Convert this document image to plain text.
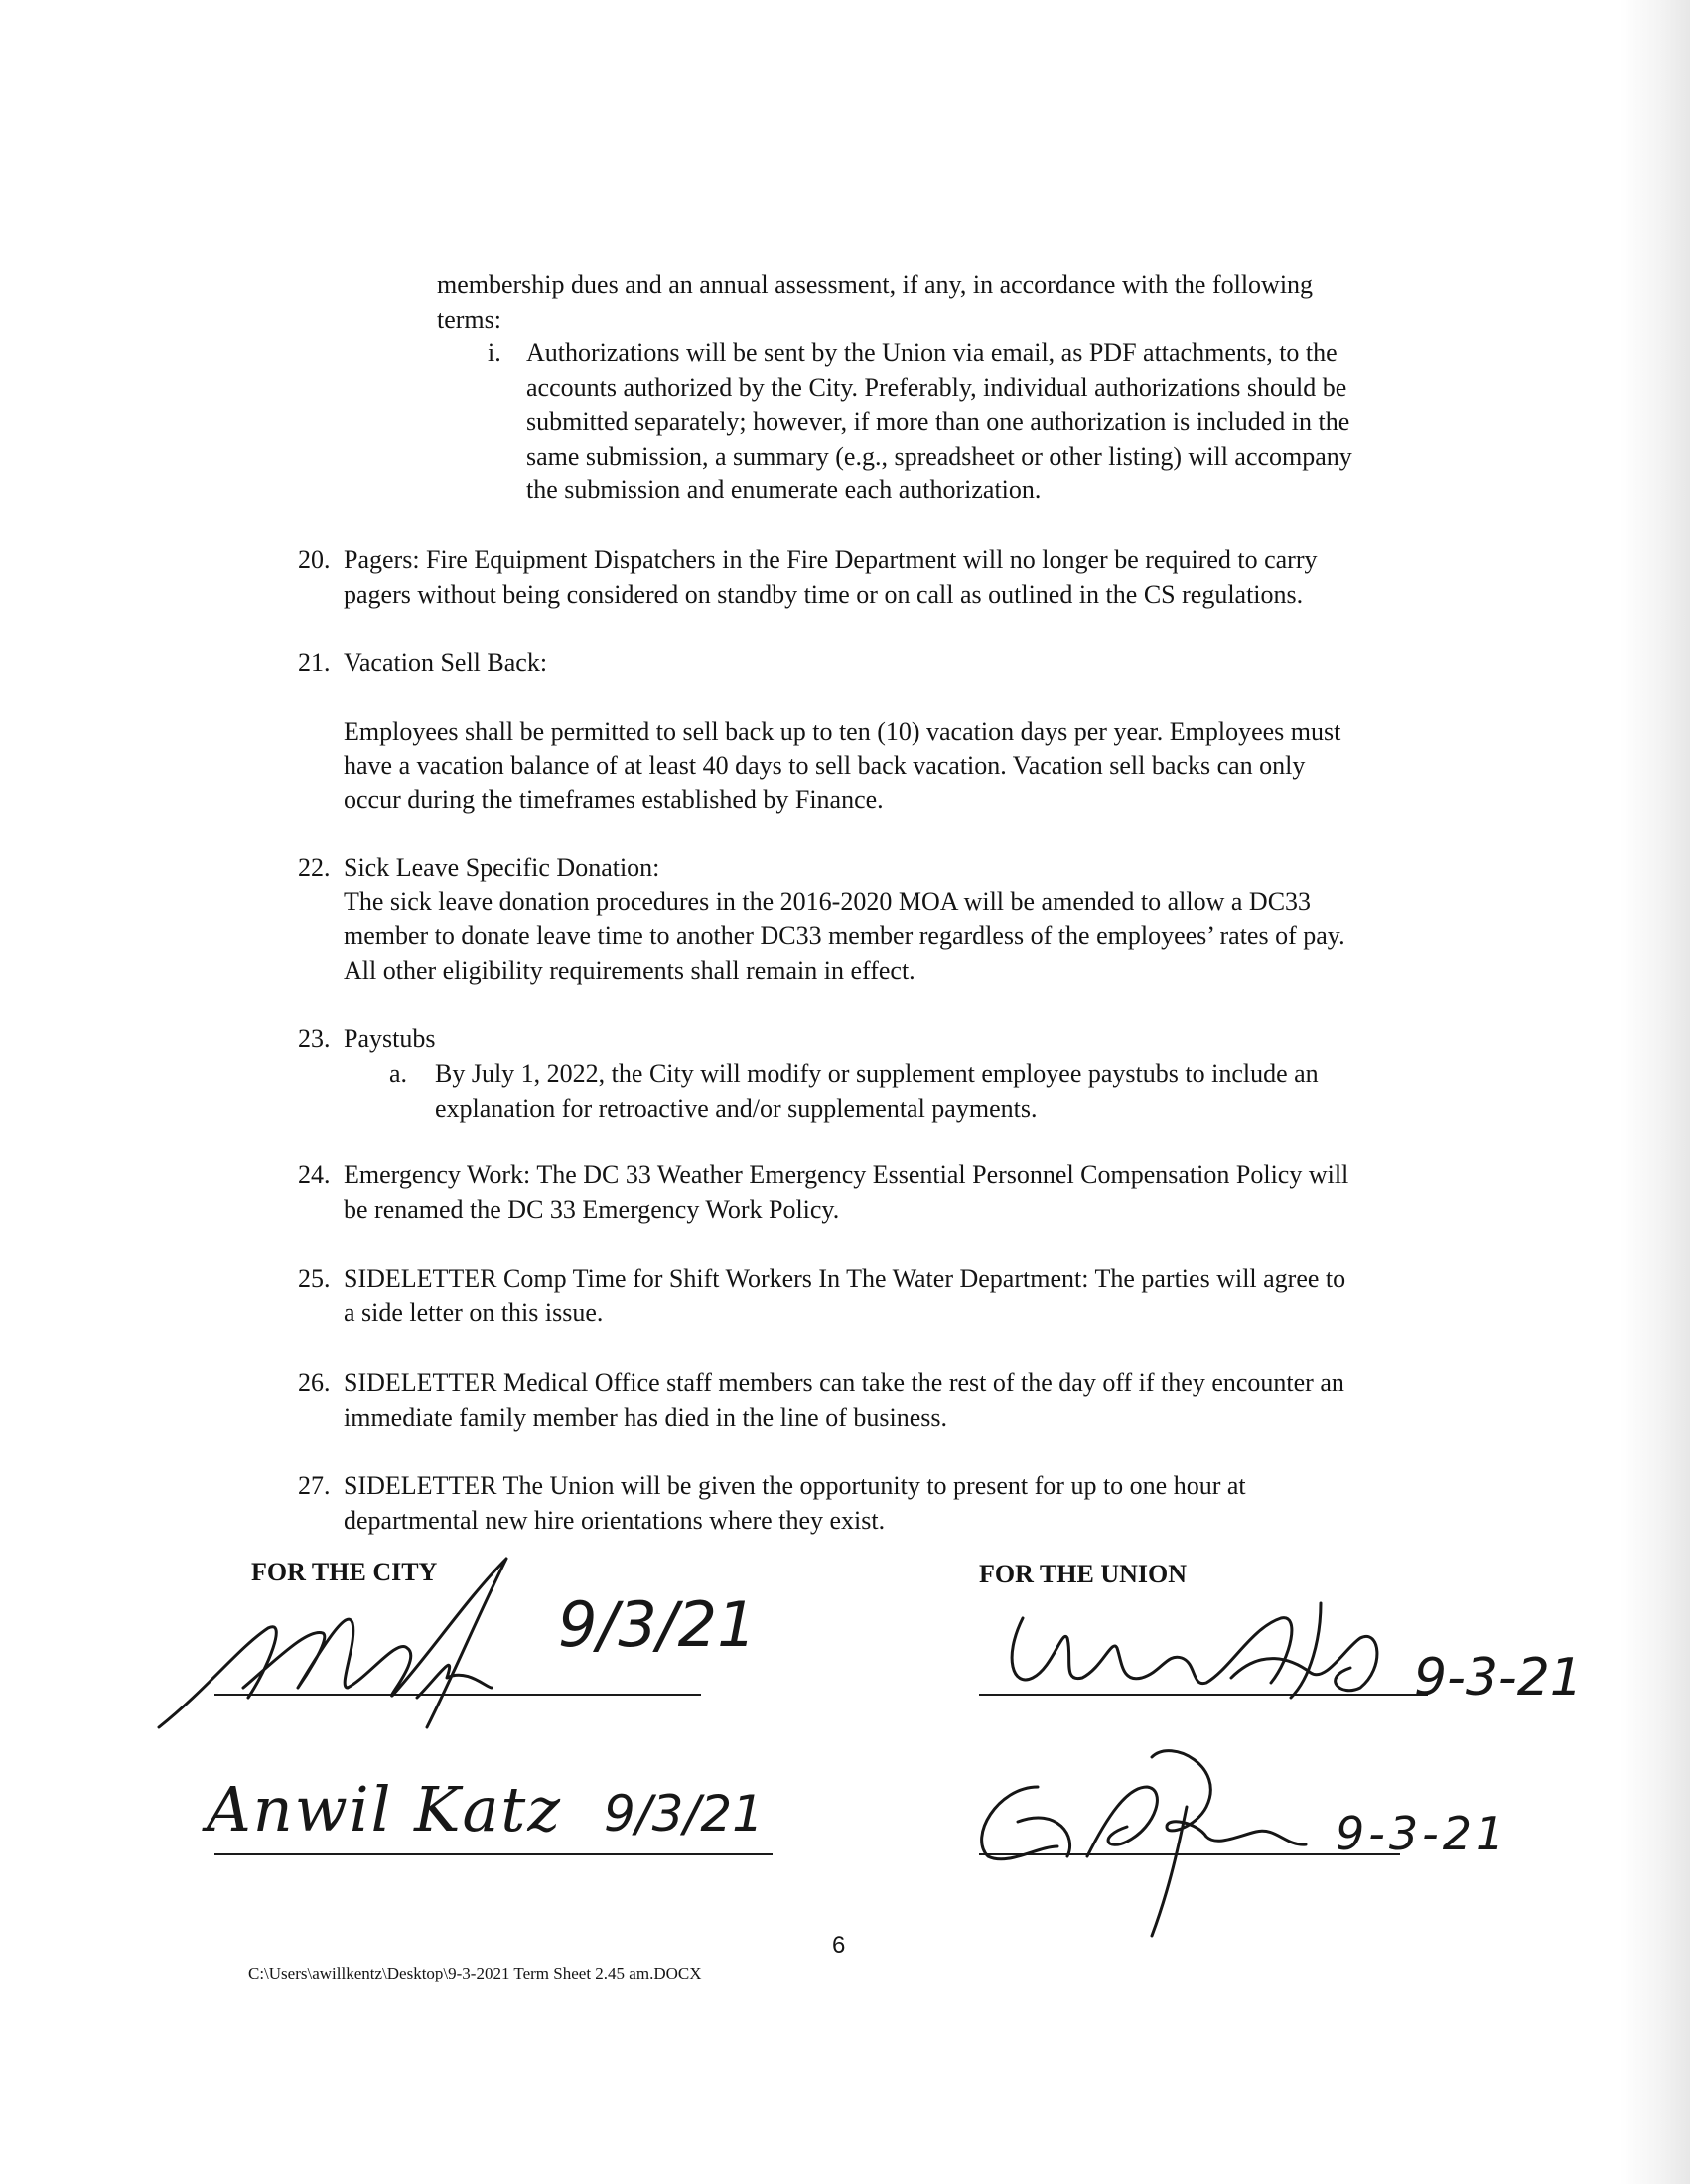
membership dues and an annual assessment, if any, in accordance with the following

terms:

i. Authorizations will be sent by the Union via email, as PDF attachments, to the

accounts authorized by the City. Preferably, individual authorizations should be

submitted separately; however, if more than one authorization is included in the

same submission, a summary (e.g., spreadsheet or other listing) will accompany

the submission and enumerate each authorization.

20. Pagers: Fire Equipment Dispatchers in the Fire Department will no longer be required to carry

pagers without being considered on standby time or on call as outlined in the CS regulations.

21. Vacation Sell Back:

Employees shall be permitted to sell back up to ten (10) vacation days per year. Employees must

have a vacation balance of at least 40 days to sell back vacation. Vacation sell backs can only

occur during the timeframes established by Finance.

22. Sick Leave Specific Donation:

The sick leave donation procedures in the 2016-2020 MOA will be amended to allow a DC33

member to donate leave time to another DC33 member regardless of the employees’ rates of pay.

All other eligibility requirements shall remain in effect.

23. Paystubs

a. By July 1, 2022, the City will modify or supplement employee paystubs to include an

explanation for retroactive and/or supplemental payments.

24. Emergency Work: The DC 33 Weather Emergency Essential Personnel Compensation Policy will

be renamed the DC 33 Emergency Work Policy.

25. SIDELETTER Comp Time for Shift Workers In The Water Department: The parties will agree to

a side letter on this issue.

26. SIDELETTER Medical Office staff members can take the rest of the day off if they encounter an

immediate family member has died in the line of business.

27. SIDELETTER The Union will be given the opportunity to present for up to one hour at

departmental new hire orientations where they exist.

FOR THE CITY	FOR THE UNION
9/3/21
Anwil Katz 9/3/21
9-3-21
9-3-21
6
C:\Users\awillkentz\Desktop\9-3-2021 Term Sheet 2.45 am.DOCX
